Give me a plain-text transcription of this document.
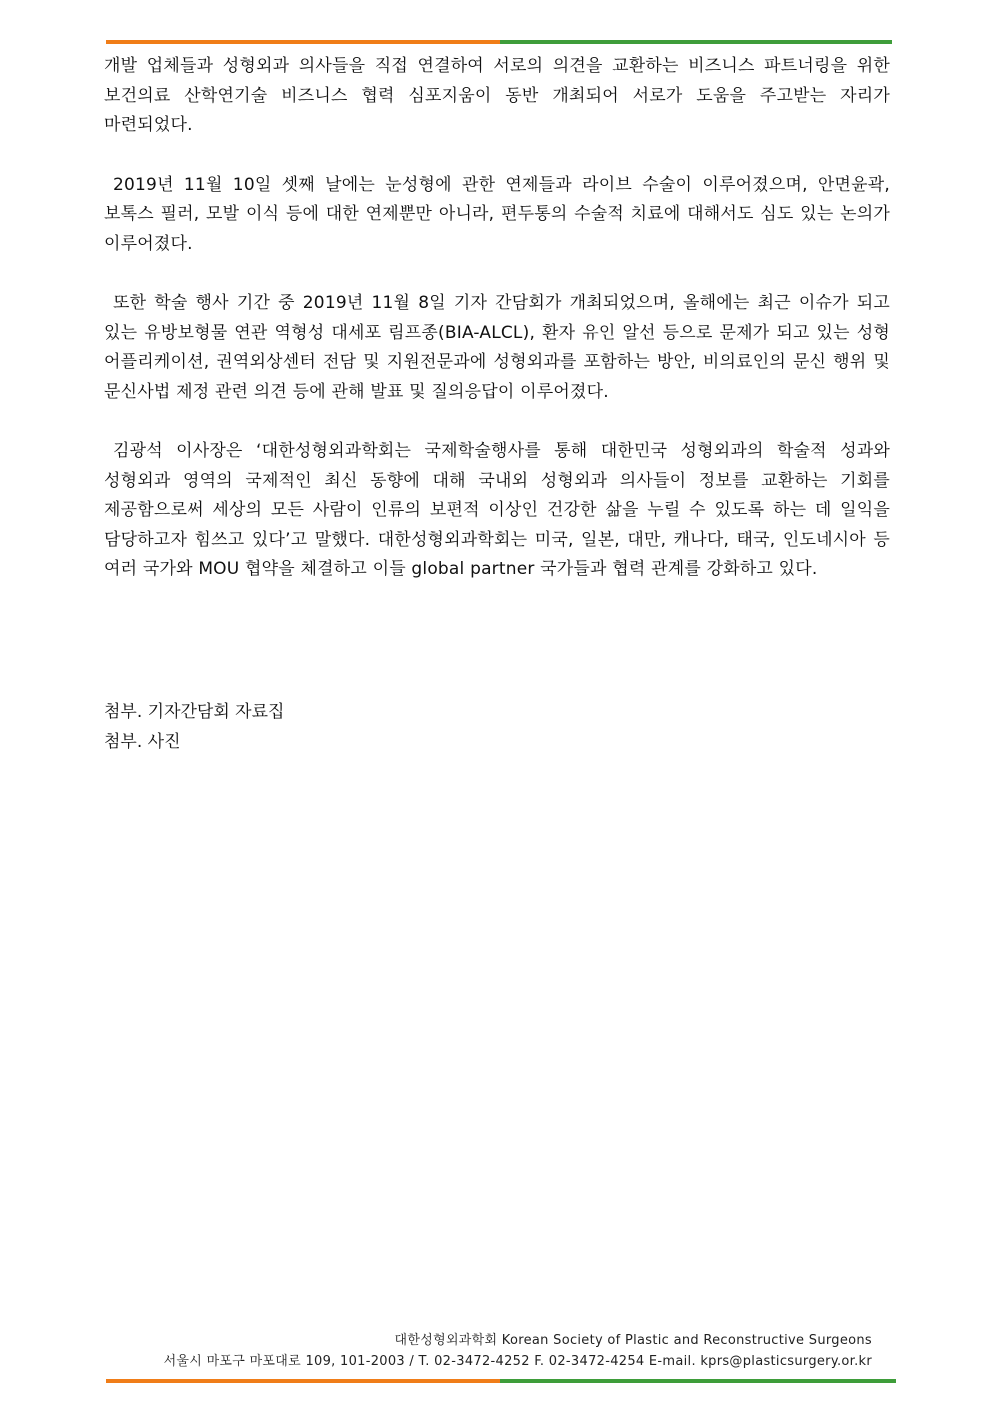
개발 업체들과 성형외과 의사들을 직접 연결하여 서로의 의견을 교환하는 비즈니스 파트너링을 위한 보건의료 산학연기술 비즈니스 협력 심포지움이 동반 개최되어 서로가 도움을 주고받는 자리가 마련되었다.

2019년 11월 10일 셋째 날에는 눈성형에 관한 연제들과 라이브 수술이 이루어졌으며, 안면윤곽, 보톡스 필러, 모발 이식 등에 대한 연제뿐만 아니라, 편두통의 수술적 치료에 대해서도 심도 있는 논의가 이루어졌다.

또한 학술 행사 기간 중 2019년 11월 8일 기자 간담회가 개최되었으며, 올해에는 최근 이슈가 되고 있는 유방보형물 연관 역형성 대세포 림프종(BIA-ALCL), 환자 유인 알선 등으로 문제가 되고 있는 성형 어플리케이션, 권역외상센터 전담 및 지원전문과에 성형외과를 포함하는 방안, 비의료인의 문신 행위 및 문신사법 제정 관련 의견 등에 관해 발표 및 질의응답이 이루어졌다.

김광석 이사장은 ‘대한성형외과학회는 국제학술행사를 통해 대한민국 성형외과의 학술적 성과와 성형외과 영역의 국제적인 최신 동향에 대해 국내외 성형외과 의사들이 정보를 교환하는 기회를 제공함으로써 세상의 모든 사람이 인류의 보편적 이상인 건강한 삶을 누릴 수 있도록 하는 데 일익을 담당하고자 힘쓰고 있다’고 말했다. 대한성형외과학회는 미국, 일본, 대만, 캐나다, 태국, 인도네시아 등 여러 국가와 MOU 협약을 체결하고 이들 global partner 국가들과 협력 관계를 강화하고 있다.

첨부. 기자간담회 자료집
첨부. 사진
대한성형외과학회 Korean Society of Plastic and Reconstructive Surgeons
서울시 마포구 마포대로 109, 101-2003 / T. 02-3472-4252 F. 02-3472-4254 E-mail. kprs@plasticsurgery.or.kr
